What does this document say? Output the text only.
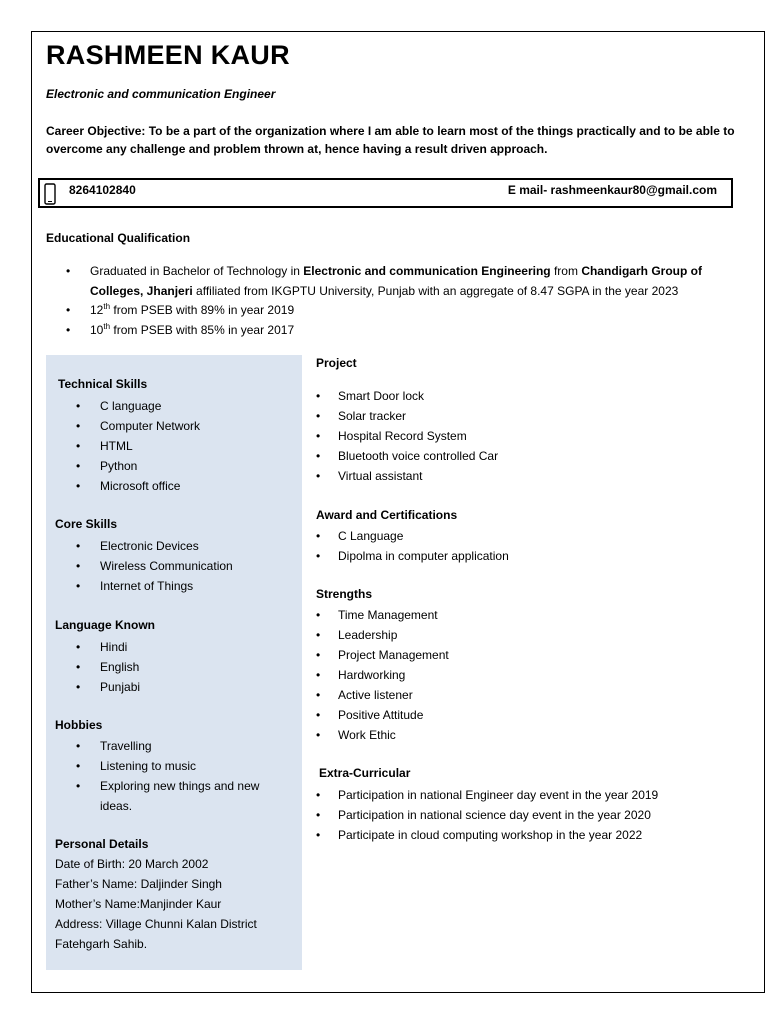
RASHMEEN KAUR
Electronic and communication Engineer
Career Objective: To be a part of the organization where I am able to learn most of the things practically and to be able to overcome any challenge and problem thrown at, hence having a result driven approach.
8264102840	E mail- rashmeenkaur80@gmail.com
Educational Qualification
• Graduated in Bachelor of Technology in Electronic and communication Engineering from Chandigarh Group of Colleges, Jhanjeri affiliated from IKGPTU University, Punjab with an aggregate of 8.47 SGPA in the year 2023
• 12th from PSEB with 89% in year 2019
• 10th from PSEB with 85% in year 2017
Technical Skills
• C language
• Computer Network
• HTML
• Python
• Microsoft office
Core Skills
• Electronic Devices
• Wireless Communication
• Internet of Things
Language Known
• Hindi
• English
• Punjabi
Hobbies
• Travelling
• Listening to music
• Exploring new things and new ideas.
Personal Details
Date of Birth: 20 March 2002
Father’s Name: Daljinder Singh
Mother’s Name:Manjinder Kaur
Address: Village Chunni Kalan District
Fatehgarh Sahib.
Project
• Smart Door lock
• Solar tracker
• Hospital Record System
• Bluetooth voice controlled Car
• Virtual assistant
Award and Certifications
• C Language
• Dipolma in computer application
Strengths
• Time Management
• Leadership
• Project Management
• Hardworking
• Active listener
• Positive Attitude
• Work Ethic
Extra-Curricular
• Participation in national Engineer day event in the year 2019
• Participation in national science day event in the year 2020
• Participate in cloud computing workshop in the year 2022
